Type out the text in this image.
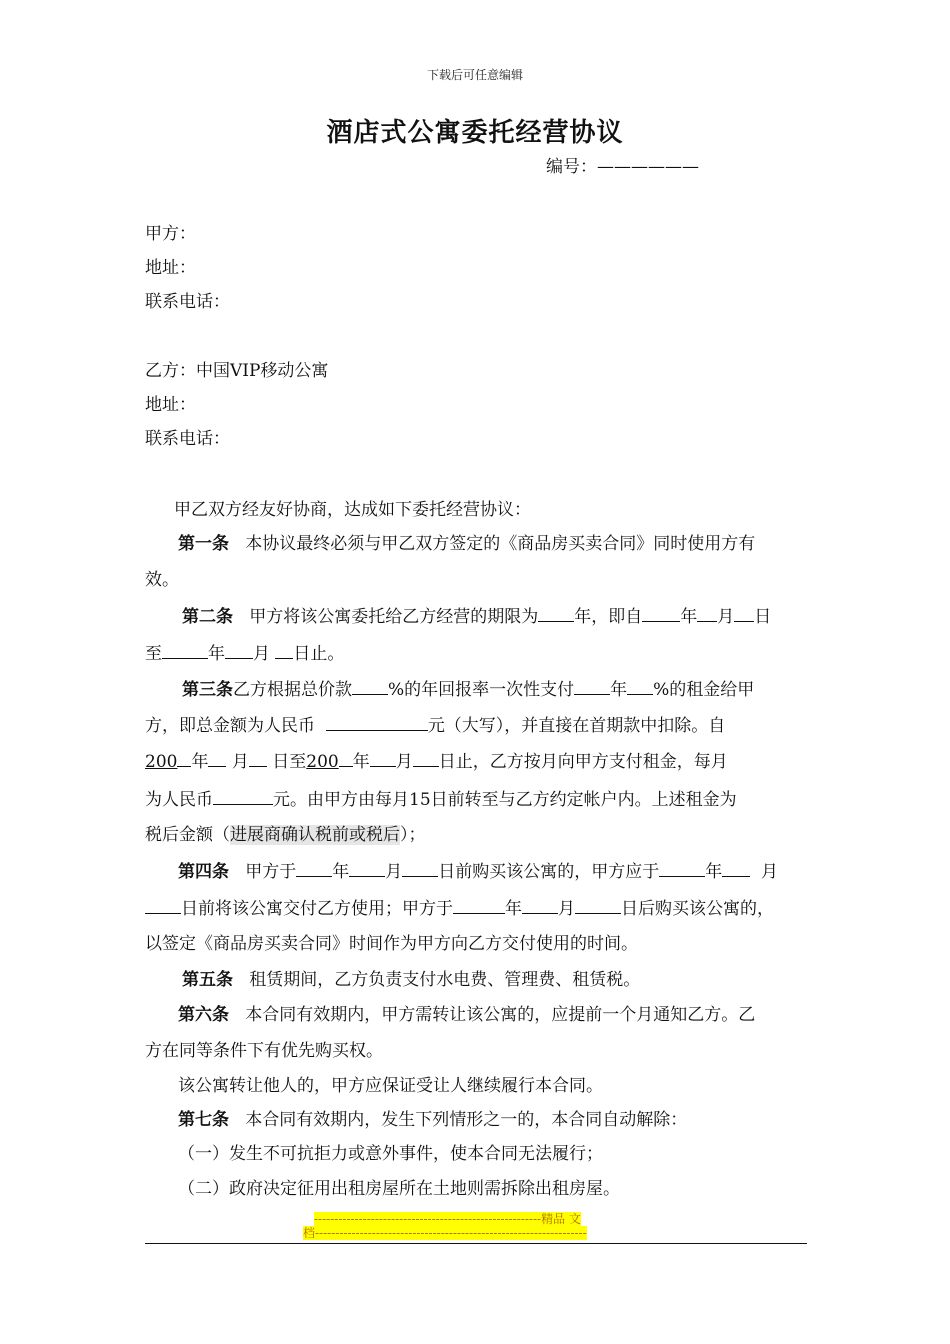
下载后可任意编辑
酒店式公寓委托经营协议
编号：——————
甲方：
地址：
联系电话：
乙方：中国VIP移动公寓
地址：
联系电话：
甲乙双方经友好协商，达成如下委托经营协议：
第一条 本协议最终必须与甲乙双方签定的《商品房买卖合同》同时使用方有
效。
第二条 甲方将该公寓委托给乙方经营的期限为 年，即自 年 月 日
至	年 月 日止。
第三条乙方根据总价款 %的年回报率一次性支付 年 %的租金给甲
方，即总金额为人民币	元（大写），并直接在首期款中扣除。自
200 年 月 日至200 年 月 日止，乙方按月向甲方支付租金，每月
为人民币	元。由甲方由每月15日前转至与乙方约定帐户内。上述租金为
税后金额（进展商确认税前或税后）；
第四条 甲方于 年 月 日前购买该公寓的，甲方应于	年 月
日前将该公寓交付乙方使用；甲方于	年 月	日后购买该公寓的，
以签定《商品房买卖合同》时间作为甲方向乙方交付使用的时间。
第五条 租赁期间，乙方负责支付水电费、管理费、租赁税。
第六条 本合同有效期内，甲方需转让该公寓的，应提前一个月通知乙方。乙
方在同等条件下有优先购买权。
该公寓转让他人的，甲方应保证受让人继续履行本合同。
第七条 本合同有效期内，发生下列情形之一的，本合同自动解除：
（一）发生不可抗拒力或意外事件，使本合同无法履行；
（二）政府决定征用出租房屋所在土地则需拆除出租房屋。
--------------------------------------------------------精品 文
档-------------------------------------------------------------------
